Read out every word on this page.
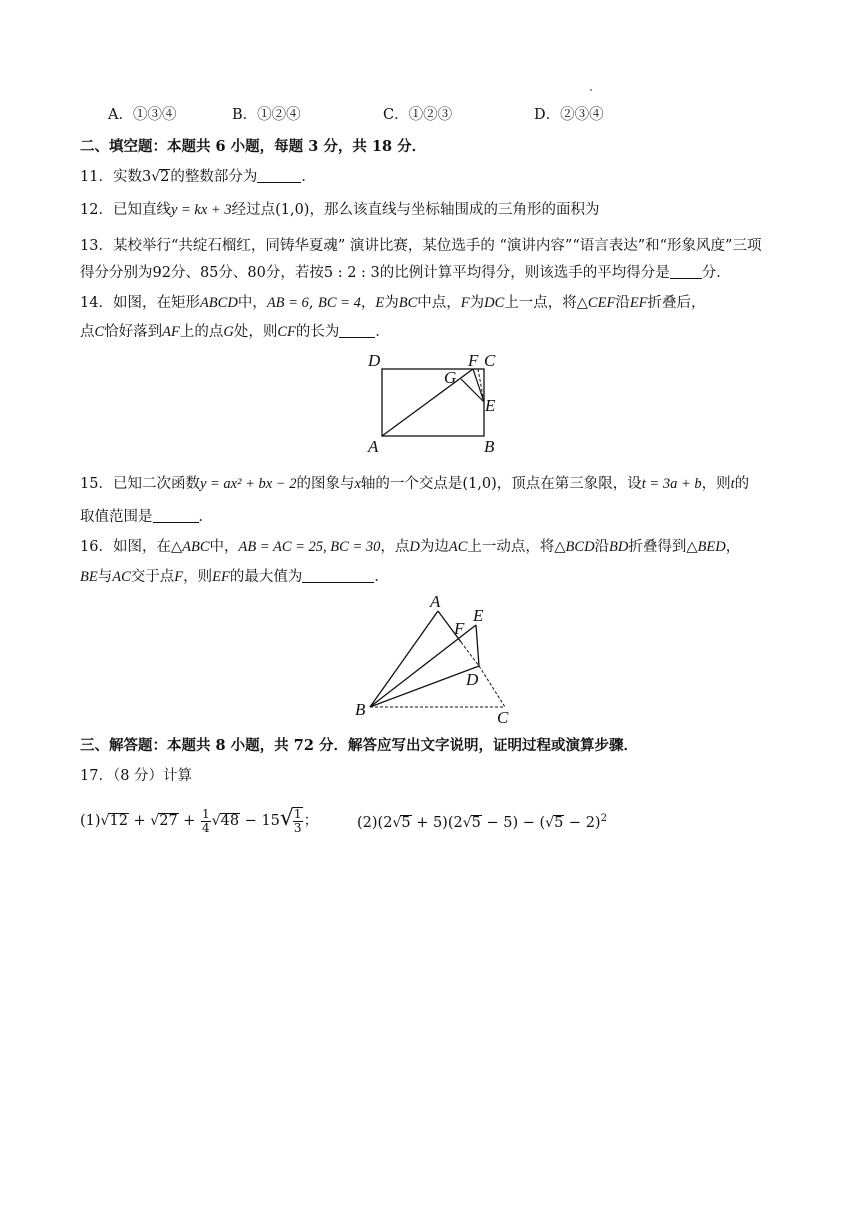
A．①③④	B．①②④	C．①②③	D．②③④
二、填空题：本题共 6 小题，每题 3 分，共 18 分．
11．实数3√2的整数部分为	．
12．已知直线y = kx + 3经过点(1,0)，那么该直线与坐标轴围成的三角形的面积为
13．某校举行“共绽石榴红，同铸华夏魂” 演讲比赛，某位选手的 “演讲内容”“语言表达”和“形象风度”三项
得分分别为92分、85分、80分，若按5 : 2 : 3的比例计算平均得分，则该选手的平均得分是 分．
14．如图，在矩形ABCD中，AB = 6, BC = 4，E为BC中点，F为DC上一点，将△CEF沿EF折叠后，
点C恰好落到AF上的点G处，则CF的长为 ．
D	F C
G
E
A	B
15．已知二次函数y = ax² + bx − 2的图象与x轴的一个交点是(1,0)，顶点在第三象限，设t = 3a + b，则t的
取值范围是	．
16．如图，在△ABC中，AB = AC = 25, BC = 30，点D为边AC上一动点，将△BCD沿BD折叠得到△BED，
BE与AC交于点F，则EF的最大值为	．
A
F
E
D
B	C
三、解答题：本题共 8 小题，共 72 分．解答应写出文字说明，证明过程或演算步骤．
17．（8 分）计算
$(1)√12 + √27 + \frac{1}{4} √48 - 15√ \frac{1}{3}$ ；	$(2)(2√5 + 5)(2√5 - 5) - (√5 - 2)^2$
